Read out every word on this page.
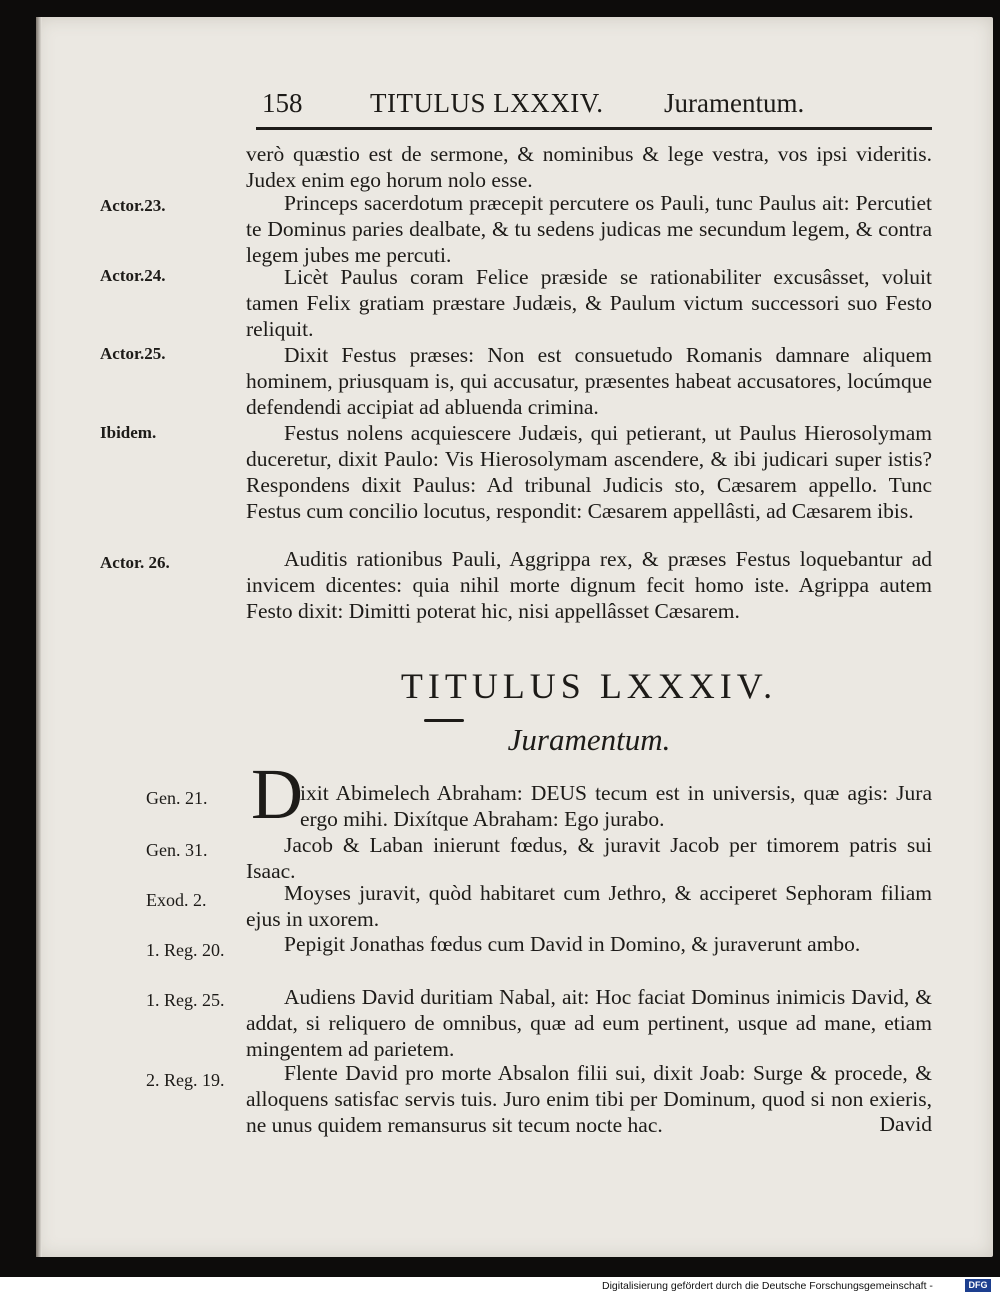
158	TITULUS LXXXIV. Juramentum.
verò quæstio est de sermone, & nominibus & lege vestra, vos ipsi videritis. Judex enim ego horum nolo esse.
Actor.23.	Princeps sacerdotum præcepit percutere os Pauli, tunc Paulus ait: Percutiet te Dominus paries dealbate, & tu sedens judicas me secundum legem, & contra legem jubes me percuti.
Actor.24.	Licèt Paulus coram Felice præside se rationabiliter excusâsset, voluit tamen Felix gratiam præstare Judæis, & Paulum victum successori suo Festo reliquit.
Actor.25.	Dixit Festus præses: Non est consuetudo Romanis damnare aliquem hominem, priusquam is, qui accusatur, præsentes habeat accusatores, locúmque defendendi accipiat ad abluenda crimina.
Ibidem.	Festus nolens acquiescere Judæis, qui petierant, ut Paulus Hierosolymam duceretur, dixit Paulo: Vis Hierosolymam ascendere, & ibi judicari super istis? Respondens dixit Paulus: Ad tribunal Judicis sto, Cæsarem appello. Tunc Festus cum concilio locutus, respondit: Cæsarem appellâsti, ad Cæsarem ibis.
Actor. 26.	Auditis rationibus Pauli, Aggrippa rex, & præses Festus loquebantur ad invicem dicentes: quia nihil morte dignum fecit homo iste. Agrippa autem Festo dixit: Dimitti poterat hic, nisi appellâsset Cæsarem.
TITULUS LXXXIV.
Juramentum.
Gen. 21. D
ixit Abimelech Abraham: DEUS tecum est in universis, quæ agis: Jura ergo mihi. Dixítque Abraham: Ego jurabo.
Gen. 31.	Jacob & Laban inierunt fœdus, & juravit Jacob per timorem patris sui Isaac.
Exod. 2.	Moyses juravit, quòd habitaret cum Jethro, & acciperet Sephoram filiam ejus in uxorem.
1. Reg. 20.	Pepigit Jonathas fœdus cum David in Domino, & juraverunt ambo.
1. Reg. 25.	Audiens David duritiam Nabal, ait: Hoc faciat Dominus inimicis David, & addat, si reliquero de omnibus, quæ ad eum pertinent, usque ad mane, etiam mingentem ad parietem.
2. Reg. 19.	Flente David pro morte Absalon filii sui, dixit Joab: Surge & procede, & alloquens satisfac servis tuis. Juro enim tibi per Dominum, quod si non exieris, ne unus quidem remansurus sit tecum nocte hac.	David
Digitalisierung gefördert durch die Deutsche Forschungsgemeinschaft -	DFG
